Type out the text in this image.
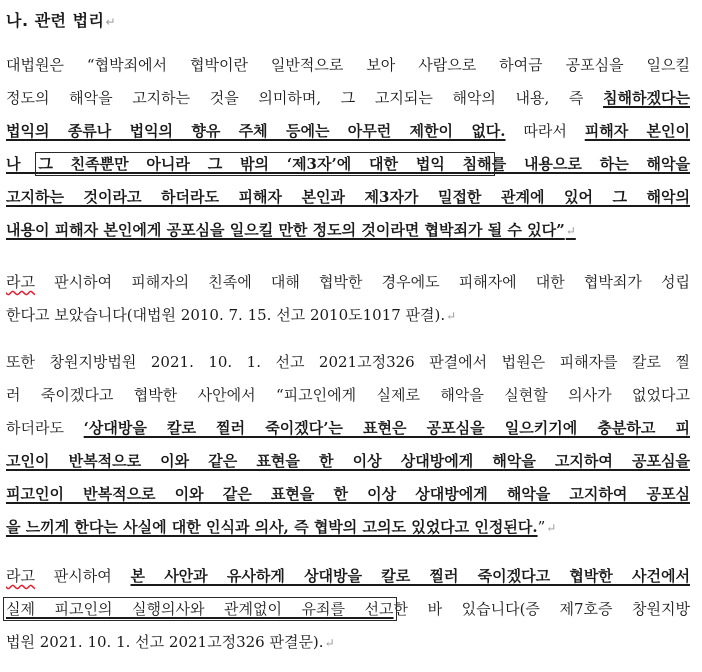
나. 관련 법리↵
대법원은 “협박죄에서 협박이란 일반적으로 보아 사람으로 하여금 공포심을 일으킬
정도의 해악을 고지하는 것을 의미하며, 그 고지되는 해악의 내용, 즉 침해하겠다는
법익의 종류나 법익의 향유 주체 등에는 아무런 제한이 없다. 따라서 피해자 본인이
나 그 친족뿐만 아니라 그 밖의 ‘제3자’에 대한 법익 침해를 내용으로 하는 해악을
고지하는 것이라고 하더라도 피해자 본인과 제3자가 밀접한 관계에 있어 그 해악의
내용이 피해자 본인에게 공포심을 일으킬 만한 정도의 것이라면 협박죄가 될 수 있다”↵
라고 판시하여 피해자의 친족에 대해 협박한 경우에도 피해자에 대한 협박죄가 성립
한다고 보았습니다(대법원 2010. 7. 15. 선고 2010도1017 판결).↵
또한 창원지방법원 2021. 10. 1. 선고 2021고정326 판결에서 법원은 피해자를 칼로 찔
러 죽이겠다고 협박한 사안에서 “피고인에게 실제로 해악을 실현할 의사가 없었다고
하더라도 ‘상대방을 칼로 찔러 죽이겠다’는 표현은 공포심을 일으키기에 충분하고 피
고인이 반복적으로 이와 같은 표현을 한 이상 상대방에게 해악을 고지하여 공포심을
피고인이 반복적으로 이와 같은 표현을 한 이상 상대방에게 해악을 고지하여 공포심
을 느끼게 한다는 사실에 대한 인식과 의사, 즉 협박의 고의도 있었다고 인정된다.”↵
라고 판시하여 본 사안과 유사하게 상대방을 칼로 찔러 죽이겠다고 협박한 사건에서
실제 피고인의 실행의사와 관계없이 유죄를 선고한 바 있습니다(증 제7호증 창원지방
법원 2021. 10. 1. 선고 2021고정326 판결문).↵
